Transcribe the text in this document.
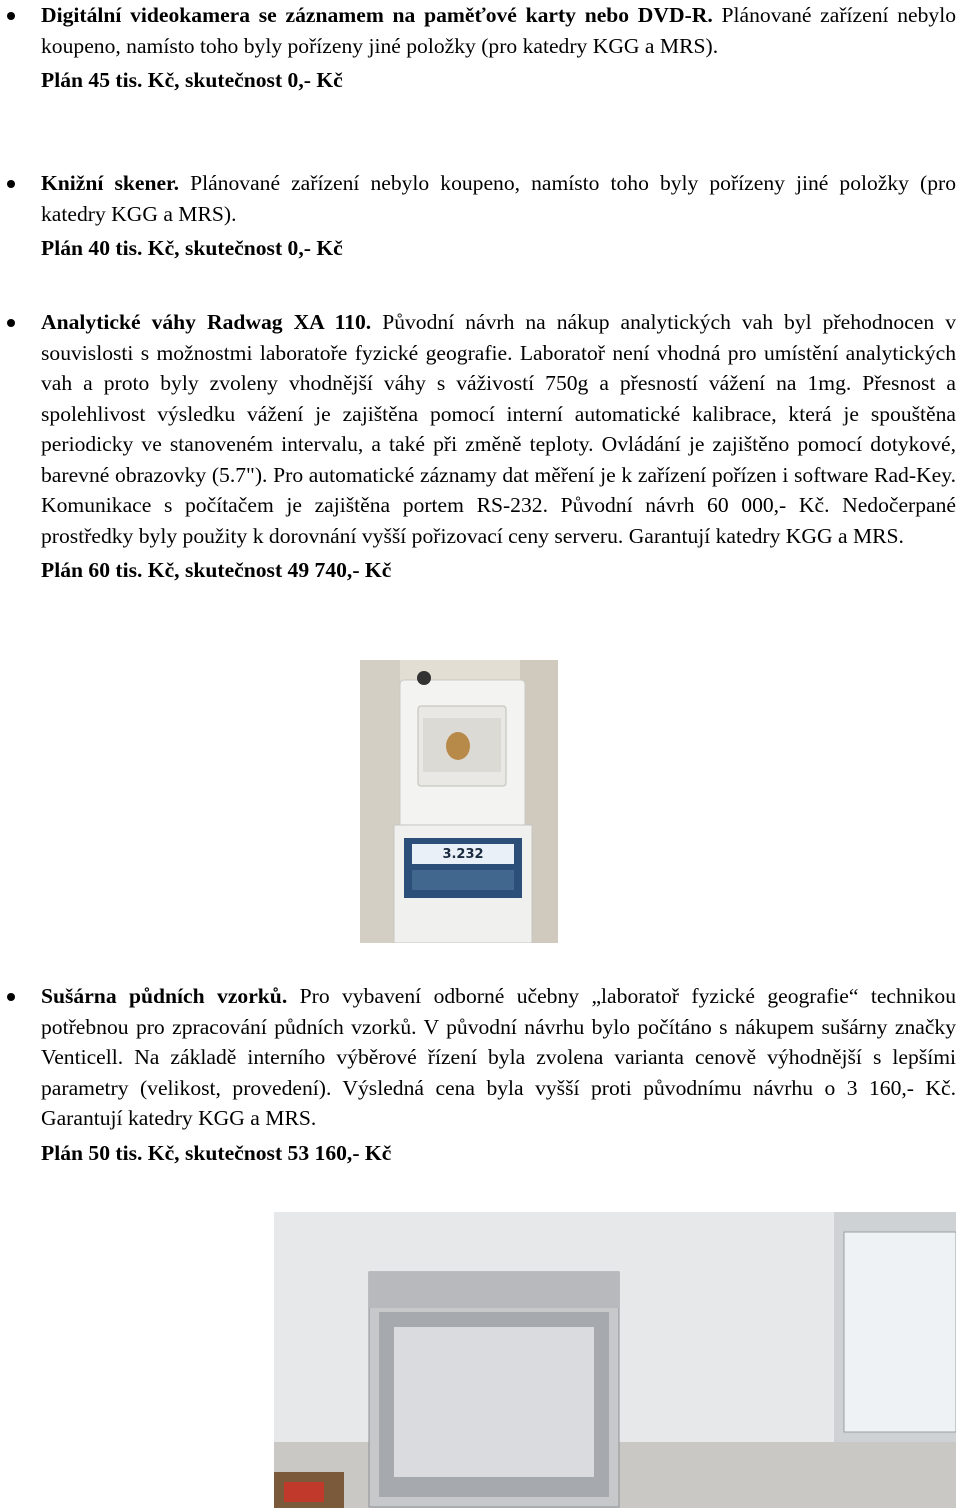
Digitální videokamera se záznamem na paměťové karty nebo DVD-R. Plánované zařízení nebylo koupeno, namísto toho byly pořízeny jiné položky (pro katedry KGG a MRS).
Plán 45 tis. Kč, skutečnost 0,- Kč
Knižní skener. Plánované zařízení nebylo koupeno, namísto toho byly pořízeny jiné položky (pro katedry KGG a MRS).
Plán 40 tis. Kč, skutečnost 0,- Kč
Analytické váhy Radwag XA 110. Původní návrh na nákup analytických vah byl přehodnocen v souvislosti s možnostmi laboratoře fyzické geografie. Laboratoř není vhodná pro umístění analytických vah a proto byly zvoleny vhodnější váhy s váživostí 750g a přesností vážení na 1mg. Přesnost a spolehlivost výsledku vážení je zajištěna pomocí interní automatické kalibrace, která je spouštěna periodicky ve stanoveném intervalu, a také při změně teploty. Ovládání je zajištěno pomocí dotykové, barevné obrazovky (5.7"). Pro automatické záznamy dat měření je k zařízení pořízen i software Rad-Key. Komunikace s počítačem je zajištěna portem RS-232. Původní návrh 60 000,- Kč. Nedočerpané prostředky byly použity k dorovnání vyšší pořizovací ceny serveru. Garantují katedry KGG a MRS.
Plán 60 tis. Kč, skutečnost 49 740,- Kč
3.232
Sušárna půdních vzorků. Pro vybavení odborné učebny „laboratoř fyzické geografie“ technikou potřebnou pro zpracování půdních vzorků. V původní návrhu bylo počítáno s nákupem sušárny značky Venticell. Na základě interního výběrové řízení byla zvolena varianta cenově výhodnější s lepšími parametry (velikost, provedení). Výsledná cena byla vyšší proti původnímu návrhu o 3 160,- Kč. Garantují katedry KGG a MRS.
Plán 50 tis. Kč, skutečnost 53 160,- Kč
